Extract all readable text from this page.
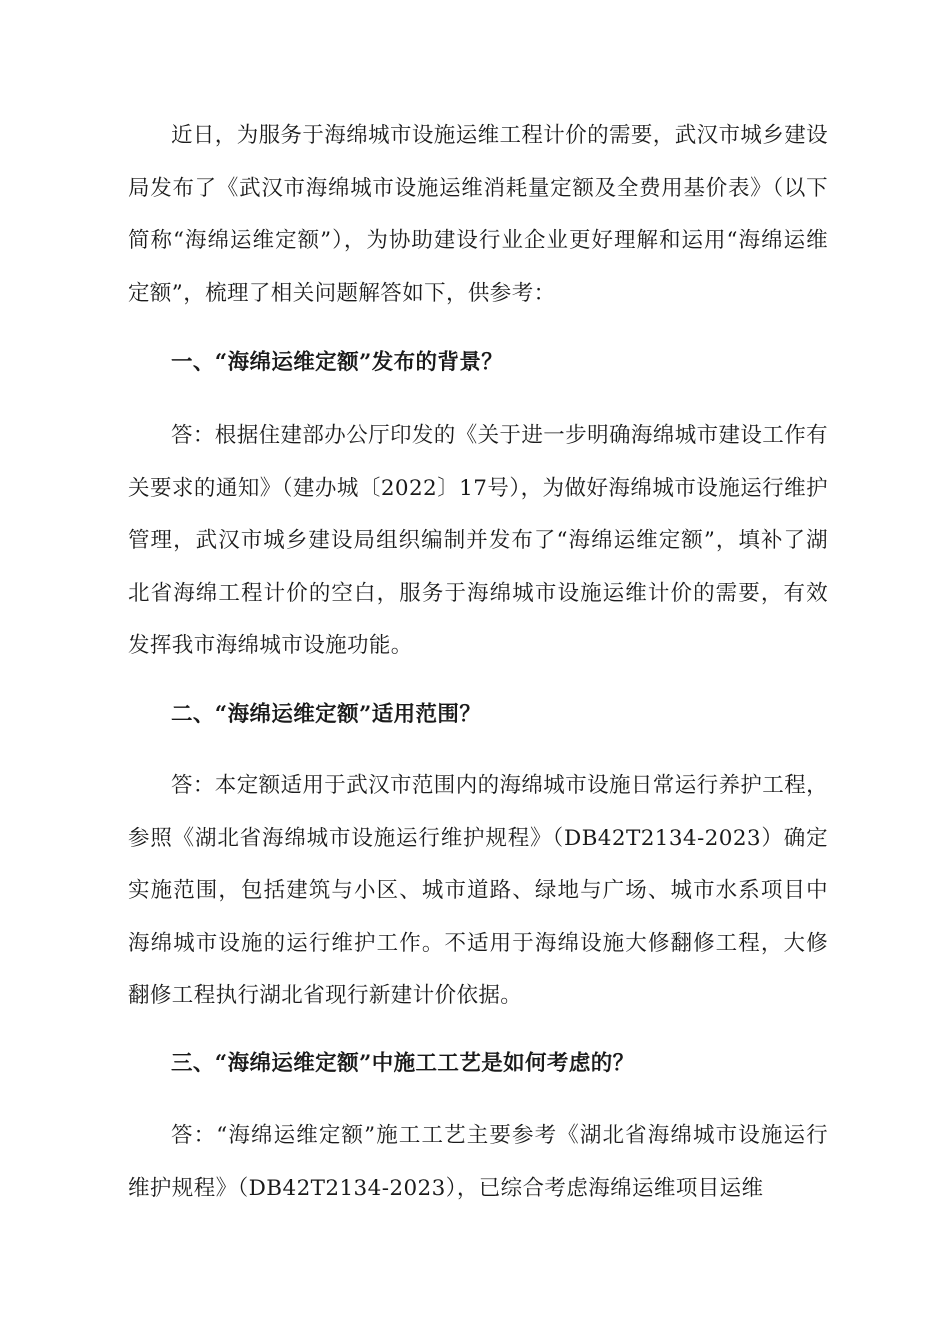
近日，为服务于海绵城市设施运维工程计价的需要，武汉市城乡建设局发布了《武汉市海绵城市设施运维消耗量定额及全费用基价表》（以下简称“海绵运维定额”），为协助建设行业企业更好理解和运用“海绵运维定额”，梳理了相关问题解答如下，供参考：

一、“海绵运维定额”发布的背景？

答：根据住建部办公厅印发的《关于进一步明确海绵城市建设工作有关要求的通知》（建办城〔2022〕17号），为做好海绵城市设施运行维护管理，武汉市城乡建设局组织编制并发布了“海绵运维定额”，填补了湖北省海绵工程计价的空白，服务于海绵城市设施运维计价的需要，有效发挥我市海绵城市设施功能。

二、“海绵运维定额”适用范围？

答：本定额适用于武汉市范围内的海绵城市设施日常运行养护工程，参照《湖北省海绵城市设施运行维护规程》（DB42T2134-2023）确定实施范围，包括建筑与小区、城市道路、绿地与广场、城市水系项目中海绵城市设施的运行维护工作。不适用于海绵设施大修翻修工程，大修翻修工程执行湖北省现行新建计价依据。

三、“海绵运维定额”中施工工艺是如何考虑的？

答：“海绵运维定额”施工工艺主要参考《湖北省海绵城市设施运行维护规程》（DB42T2134-2023），已综合考虑海绵运维项目运维
